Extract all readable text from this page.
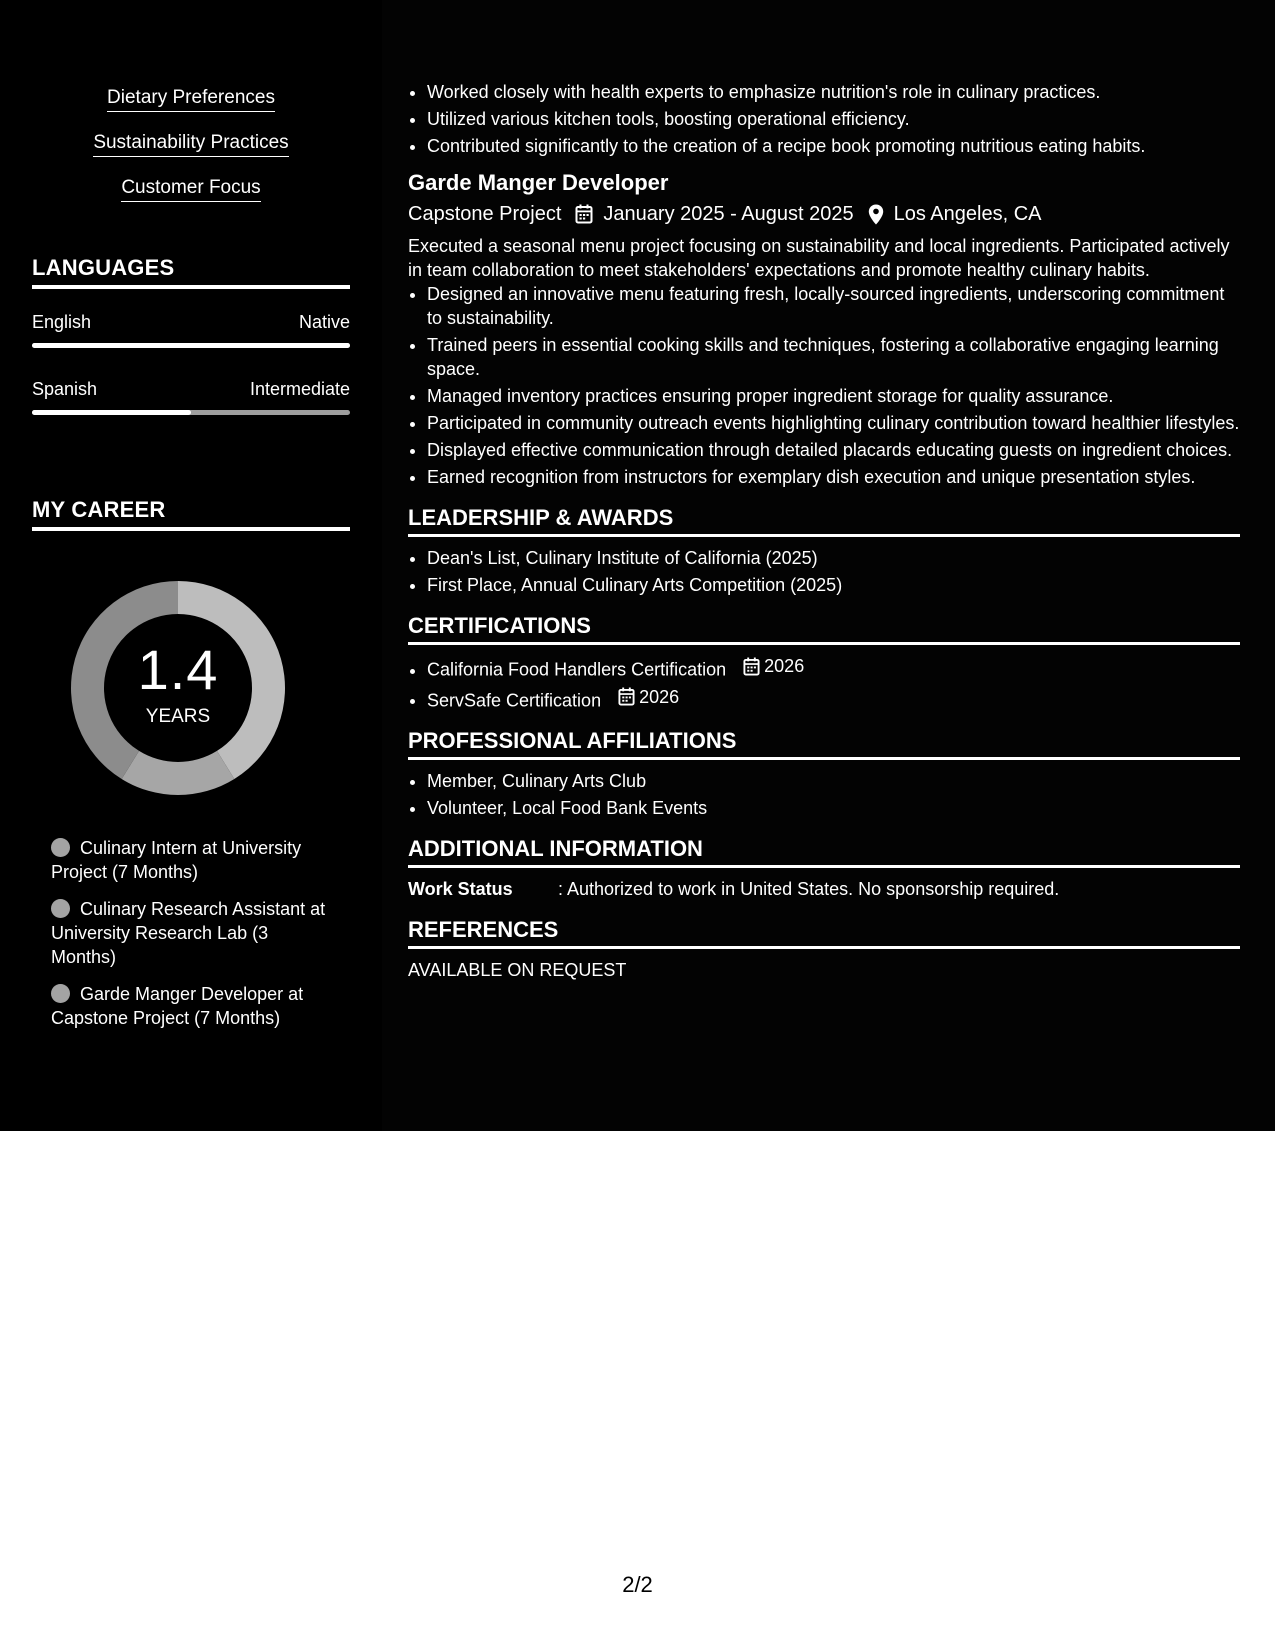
Dietary Preferences
Sustainability Practices
Customer Focus
LANGUAGES
English	Native
Spanish	Intermediate
MY CAREER
1.4
YEARS
Culinary Intern at University Project (7 Months)
Culinary Research Assistant at University Research Lab (3 Months)
Garde Manger Developer at Capstone Project (7 Months)
• Worked closely with health experts to emphasize nutrition's role in culinary practices.
• Utilized various kitchen tools, boosting operational efficiency.
• Contributed significantly to the creation of a recipe book promoting nutritious eating habits.
Garde Manger Developer
Capstone Project January 2025 - August 2025 Los Angeles, CA
Executed a seasonal menu project focusing on sustainability and local ingredients. Participated actively in team collaboration to meet stakeholders' expectations and promote healthy culinary habits.
• Designed an innovative menu featuring fresh, locally-sourced ingredients, underscoring commitment to sustainability.
• Trained peers in essential cooking skills and techniques, fostering a collaborative engaging learning space.
• Managed inventory practices ensuring proper ingredient storage for quality assurance.
• Participated in community outreach events highlighting culinary contribution toward healthier lifestyles.
• Displayed effective communication through detailed placards educating guests on ingredient choices.
• Earned recognition from instructors for exemplary dish execution and unique presentation styles.
LEADERSHIP & AWARDS
• Dean's List, Culinary Institute of California (2025)
• First Place, Annual Culinary Arts Competition (2025)
CERTIFICATIONS
• California Food Handlers Certification 2026
• ServSafe Certification 2026
PROFESSIONAL AFFILIATIONS
• Member, Culinary Arts Club
• Volunteer, Local Food Bank Events
ADDITIONAL INFORMATION
Work Status	: Authorized to work in United States. No sponsorship required.
REFERENCES
AVAILABLE ON REQUEST
2/2
